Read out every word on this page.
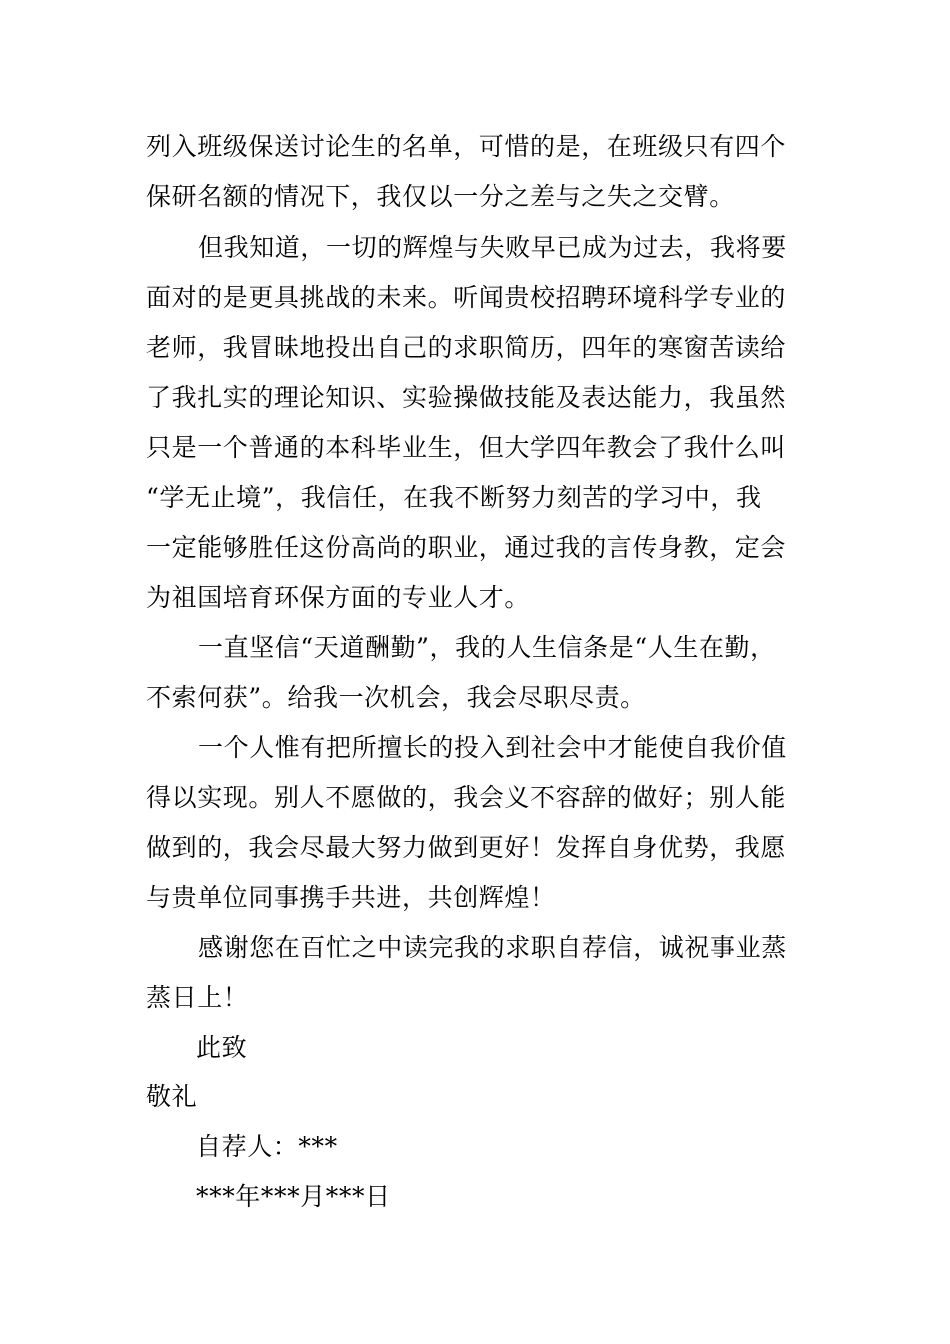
列入班级保送讨论生的名单，可惜的是，在班级只有四个
保研名额的情况下，我仅以一分之差与之失之交臂。
但我知道，一切的辉煌与失败早已成为过去，我将要
面对的是更具挑战的未来。听闻贵校招聘环境科学专业的
老师，我冒昧地投出自己的求职简历，四年的寒窗苦读给
了我扎实的理论知识、实验操做技能及表达能力，我虽然
只是一个普通的本科毕业生，但大学四年教会了我什么叫
“学无止境”，我信任，在我不断努力刻苦的学习中，我
一定能够胜任这份高尚的职业，通过我的言传身教，定会
为祖国培育环保方面的专业人才。
一直坚信“天道酬勤”，我的人生信条是“人生在勤，
不索何获”。给我一次机会，我会尽职尽责。
一个人惟有把所擅长的投入到社会中才能使自我价值
得以实现。别人不愿做的，我会义不容辞的做好；别人能
做到的，我会尽最大努力做到更好！发挥自身优势，我愿
与贵单位同事携手共进，共创辉煌！
感谢您在百忙之中读完我的求职自荐信，诚祝事业蒸
蒸日上！
此致
敬礼
自荐人：***
***年***月***日
